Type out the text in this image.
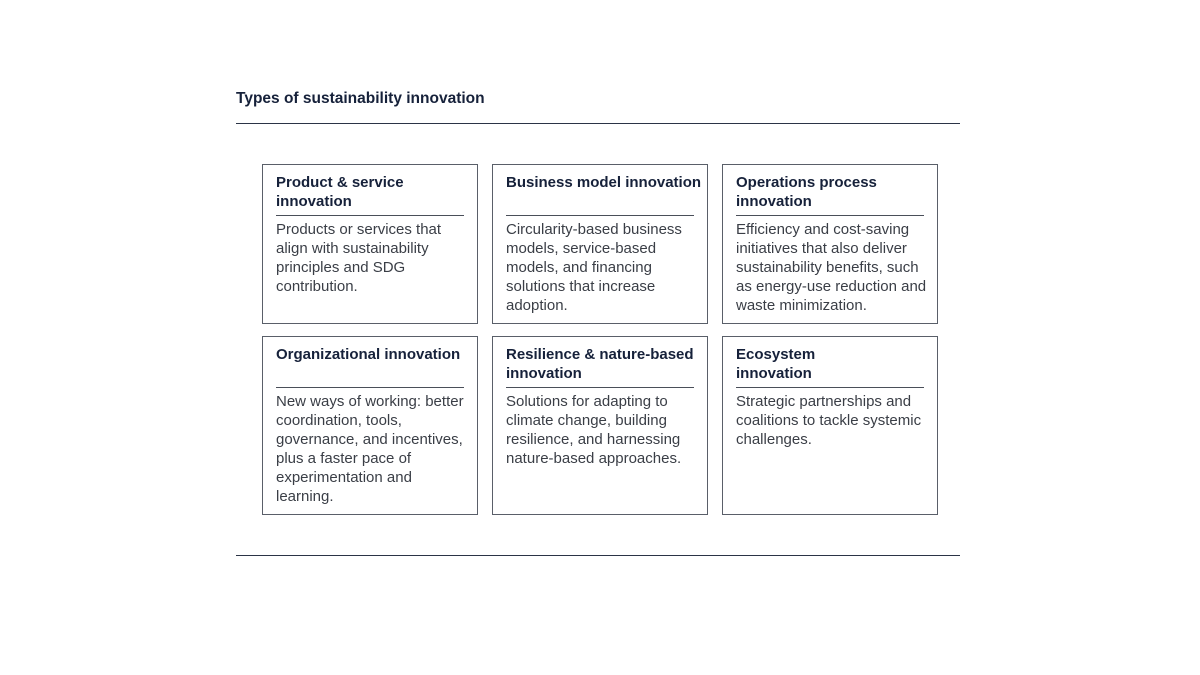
Types of sustainability innovation
Product & service innovation
Products or services that align with sustainability principles and SDG contribution.
Business model innovation
Circularity-based business models, service-based models, and financing solutions that increase adoption.
Operations process innovation
Efficiency and cost-saving initiatives that also deliver sustainability benefits, such as energy-use reduction and waste minimization.
Organizational innovation
New ways of working: better coordination, tools, governance, and incentives, plus a faster pace of experimentation and learning.
Resilience & nature-based innovation
Solutions for adapting to climate change, building resilience, and harnessing nature-based approaches.
Ecosystem innovation
Strategic partnerships and coalitions to tackle systemic challenges.
